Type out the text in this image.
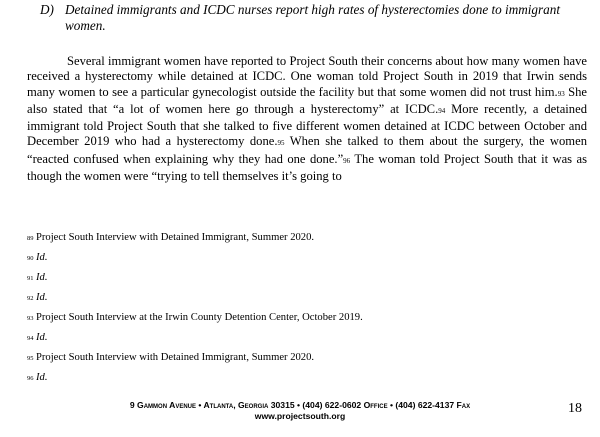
D) Detained immigrants and ICDC nurses report high rates of hysterectomies done to immigrant
women.

Several immigrant women have reported to Project South their concerns about how many women have received a hysterectomy while detained at ICDC. One woman told Project South in 2019 that Irwin sends many women to see a particular gynecologist outside the facility but that some women did not trust him.93 She also stated that “a lot of women here go through a hysterectomy” at ICDC.94 More recently, a detained immigrant told Project South that she talked to five different women detained at ICDC between October and December 2019 who had a hysterectomy done.95 When she talked to them about the surgery, the women “reacted confused when explaining why they had one done.”96 The woman told Project South that it was as though the women were “trying to tell themselves it’s going to

89 Project South Interview with Detained Immigrant, Summer 2020.
90 Id.
91 Id.
92 Id.
93 Project South Interview at the Irwin County Detention Center, October 2019.
94 Id.
95 Project South Interview with Detained Immigrant, Summer 2020.
96 Id.
9 Gammon Avenue • Atlanta, Georgia 30315 • (404) 622-0602 Office • (404) 622-4137 Fax
www.projectsouth.org	18
